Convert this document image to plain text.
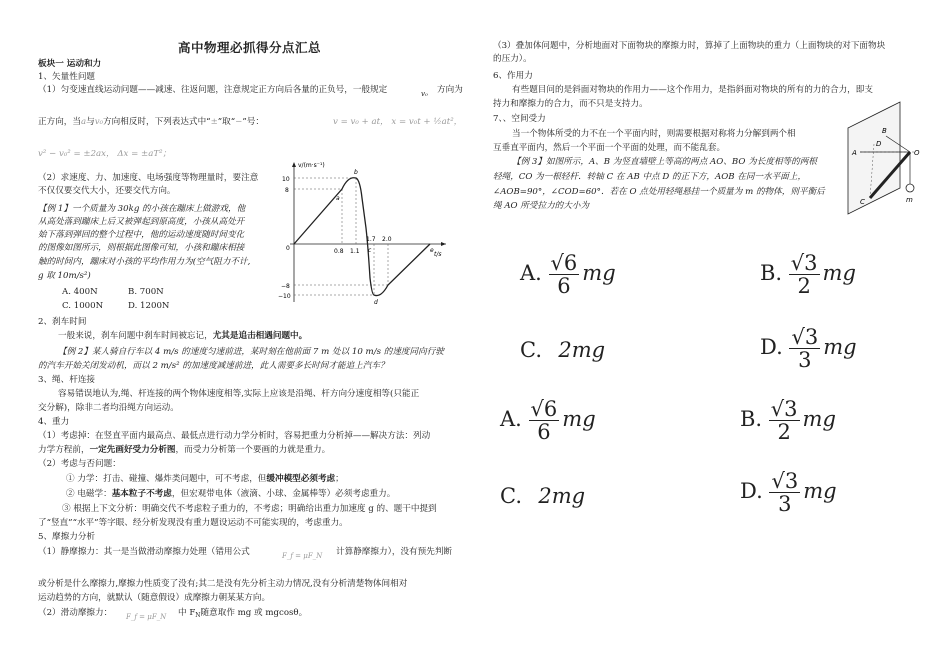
高中物理必抓得分点汇总
板块一 运动和力
1、矢量性问题
（1）匀变速直线运动问题——减速、往返问题，注意规定正方向后各量的正负号，一般规定	v₀ 方向为
正方向，当a与v₀方向相反时，下列表达式中“±”取“−”号：	v = v₀ + at， x = v₀t + ½at²，
v² − v₀² = ±2ax， Δx = ±aT²；
（2）求速度、力、加速度、电场强度等物理量时，要注意
不仅仅要交代大小，还要交代方向。
【例 1】一个质量为 30kg 的小孩在蹦床上做游戏，他
从高处落到蹦床上后又被弹起到原高度，小孩从高处开
始下落到弹回的整个过程中，他的运动速度随时间变化
的图像如图所示，则根据此图像可知，小孩和蹦床相接
触的时间内，蹦床对小孩的平均作用力为(空气阻力不计,
g 取 10m/s²)
A. 400N	B. 700N
C. 1000N	D. 1200N
v/(m·s⁻¹)
t/s
0
10
8
−8
−10
0.8 1.1
1.7 2.0
a
b
c
d
e
2、刹车时间
一般来说，刹车问题中刹车时间被忘记，尤其是追击相遇问题中。
【例 2】某人骑自行车以 4 m/s 的速度匀速前进，某时刻在他前面 7 m 处以 10 m/s 的速度同向行驶
的汽车开始关闭发动机，而以 2 m/s² 的加速度减速前进，此人需要多长时间才能追上汽车？
3、绳、杆连接
容易错误地认为,绳、杆连接的两个物体速度相等,实际上应该是沿绳、杆方向分速度相等(只能正
交分解)，除非二者均沿绳方向运动。
4、重力
（1）考虑掉：在竖直平面内最高点、最低点进行动力学分析时，容易把重力分析掉——解决方法：列动
力学方程前，一定先画好受力分析图，而受力分析第一个要画的力就是重力。
（2）考虑与否问题：
① 力学：打击、碰撞、爆炸类问题中，可不考虑，但缓冲模型必须考虑；
② 电磁学：基本粒子不考虑，但宏观带电体（液滴、小球、金属棒等）必须考虑重力。
③ 根据上下文分析：明确交代不考虑粒子重力的，不考虑；明确给出重力加速度 g 的、题干中提到
了“竖直”“水平”等字眼、经分析发现没有重力题设运动不可能实现的，考虑重力。
5、摩擦力分析
（1）静摩擦力：其一是当做滑动摩擦力处理（错用公式	F_f = μF_N 计算静摩擦力），没有预先判断
或分析是什么摩擦力,摩擦力性质变了没有;其二是没有先分析主动力情况,没有分析清楚物体间相对
运动趋势的方向，就默认（随意假设）成摩擦力朝某某方向。
（2）滑动摩擦力： F_f = μF_N 中 $F_N$随意取作 mg 或 mgcosθ。
（3）叠加体问题中，分析地面对下面物块的摩擦力时，算掉了上面物块的重力（上面物块的对下面物块
的压力）。
6、作用力
有些题目问的是斜面对物块的作用力——这个作用力，是指斜面对物块的所有的力的合力，即支
持力和摩擦力的合力，而不只是支持力。
7、、空间受力
当一个物体所受的力不在一个平面内时，则需要根据对称将力分解到两个相
互垂直平面内，然后一个平面一个平面的处理，而不能乱套。
【例 3】如图所示，A、B 为竖直墙壁上等高的两点 AO、BO 为长度相等的两根
轻绳，CO 为一根轻杆．转轴 C 在 AB 中点 D 的正下方，AOB 在同一水平面上，
∠AOB=90°，∠COD=60°．若在 O 点处用轻绳悬挂一个质量为 m 的物体，则平衡后
绳 AO 所受拉力的大小为
A
B
D
O
C	m
A. $\frac{√6}{6}$ mg	B. $\frac{√3}{2}$ mg
C. 2mg	D. $\frac{√3}{3}$ mg
A. $\frac{√6}{6}$ mg	B. $\frac{√3}{2}$ mg
C. 2mg	D. $\frac{√3}{3}$ mg
